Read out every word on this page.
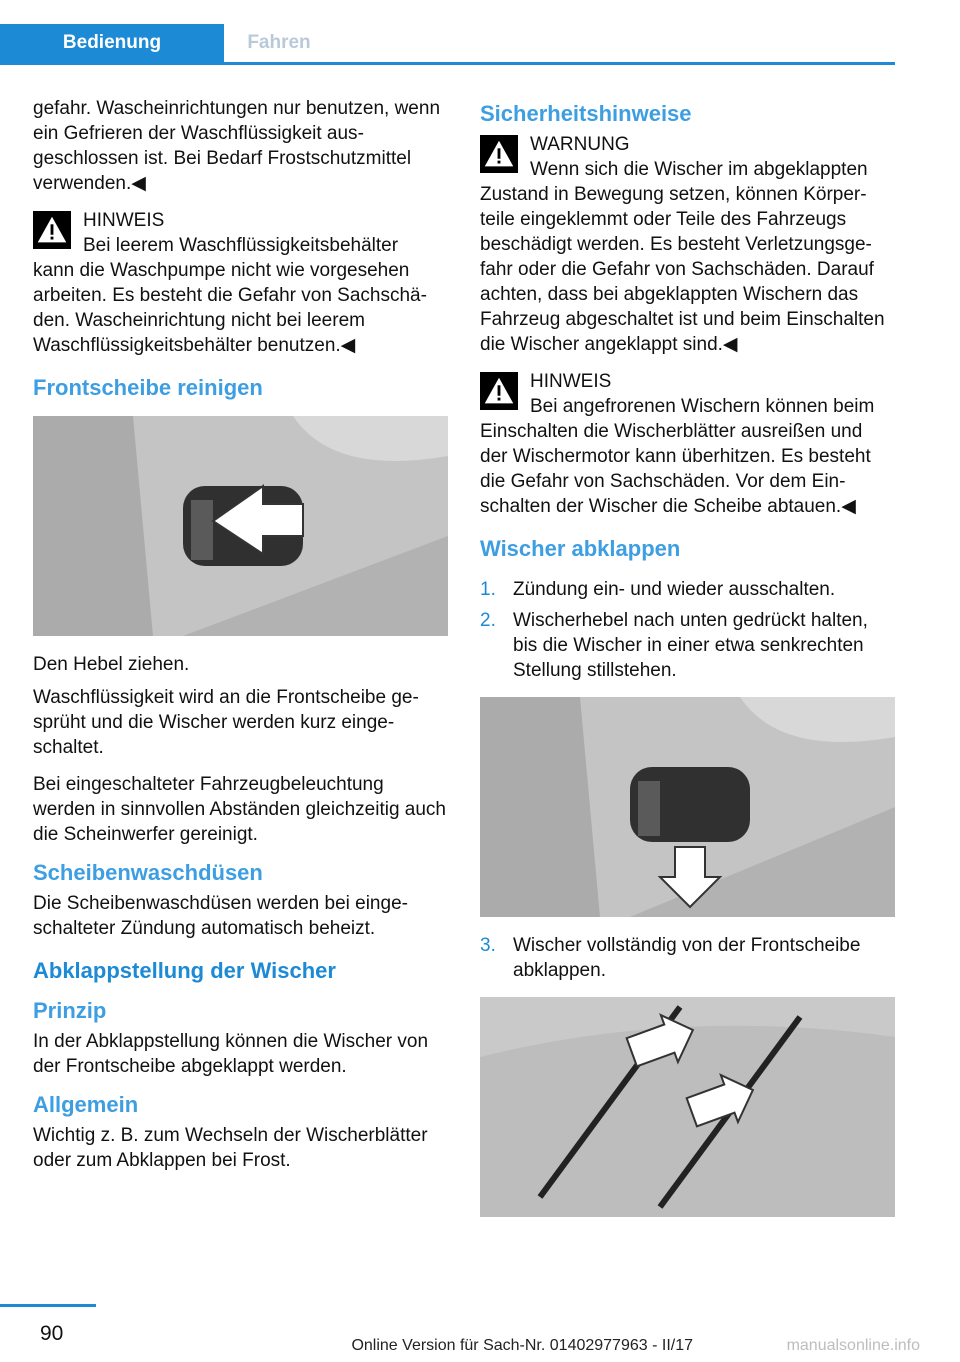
Bedienung	Fahren

gefahr. Wascheinrichtungen nur benutzen, wenn ein Gefrieren der Waschflüssigkeit ausgeschlossen ist. Bei Bedarf Frostschutzmittel verwenden.◀

HINWEIS
Bei leerem Waschflüssigkeitsbehälter
kann die Waschpumpe nicht wie vorgesehen arbeiten. Es besteht die Gefahr von Sachschäden. Wascheinrichtung nicht bei leerem Waschflüssigkeitsbehälter benutzen.◀
Frontscheibe reinigen

Den Hebel ziehen.

Waschflüssigkeit wird an die Frontscheibe gesprüht und die Wischer werden kurz eingeschaltet.

Bei eingeschalteter Fahrzeugbeleuchtung werden in sinnvollen Abständen gleichzeitig auch die Scheinwerfer gereinigt.

Scheibenwaschdüsen

Die Scheibenwaschdüsen werden bei eingeschalteter Zündung automatisch beheizt.

Abklappstellung der Wischer
Prinzip

In der Abklappstellung können die Wischer von der Frontscheibe abgeklappt werden.

Allgemein

Wichtig z. B. zum Wechseln der Wischerblätter oder zum Abklappen bei Frost.

Sicherheitshinweise
WARNUNG
Wenn sich die Wischer im abgeklappten
Zustand in Bewegung setzen, können Körperteile eingeklemmt oder Teile des Fahrzeugs beschädigt werden. Es besteht Verletzungsgefahr oder die Gefahr von Sachschäden. Darauf achten, dass bei abgeklappten Wischern das Fahrzeug abgeschaltet ist und beim Einschalten die Wischer angeklappt sind.◀
HINWEIS
Bei angefrorenen Wischern können beim
Einschalten die Wischerblätter ausreißen und der Wischermotor kann überhitzen. Es besteht die Gefahr von Sachschäden. Vor dem Einschalten der Wischer die Scheibe abtauen.◀
Wischer abklappen
1. Zündung ein- und wieder ausschalten.
2. Wischerhebel nach unten gedrückt halten, bis die Wischer in einer etwa senkrechten Stellung stillstehen.
3. Wischer vollständig von der Frontscheibe abklappen.
90
Online Version für Sach-Nr. 01402977963 - II/17	manualsonline.info
